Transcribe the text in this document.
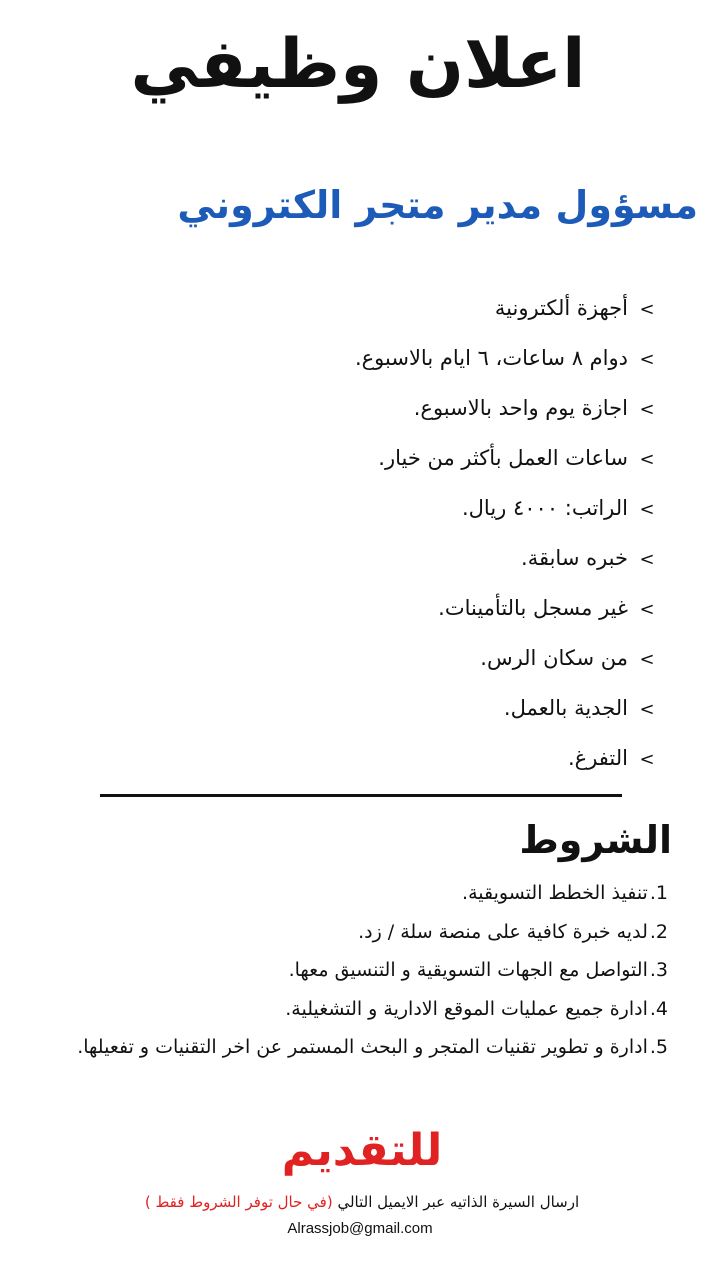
اعلان وظيفي
مسؤول مدير متجر الكتروني
>أجهزة ألكترونية
>دوام ٨ ساعات، ٦ ايام بالاسبوع.
>اجازة يوم واحد بالاسبوع.
>ساعات العمل بأكثر من خيار.
>الراتب: ٤٠٠٠ ريال.
>خبره سابقة.
>غير مسجل بالتأمينات.
>من سكان الرس.
>الجدية بالعمل.
>التفرغ.
الشروط
1.تنفيذ الخطط التسويقية.
2.لديه خبرة كافية على منصة سلة / زد.
3.التواصل مع الجهات التسويقية و التنسيق معها.
4.ادارة جميع عمليات الموقع الادارية و التشغيلية.
5.ادارة و تطوير تقنيات المتجر و البحث المستمر عن اخر التقنيات و تفعيلها.
للتقديم
ارسال السيرة الذاتيه عبر الايميل التالي (في حال توفر الشروط فقط )
Alrassjob@gmail.com
